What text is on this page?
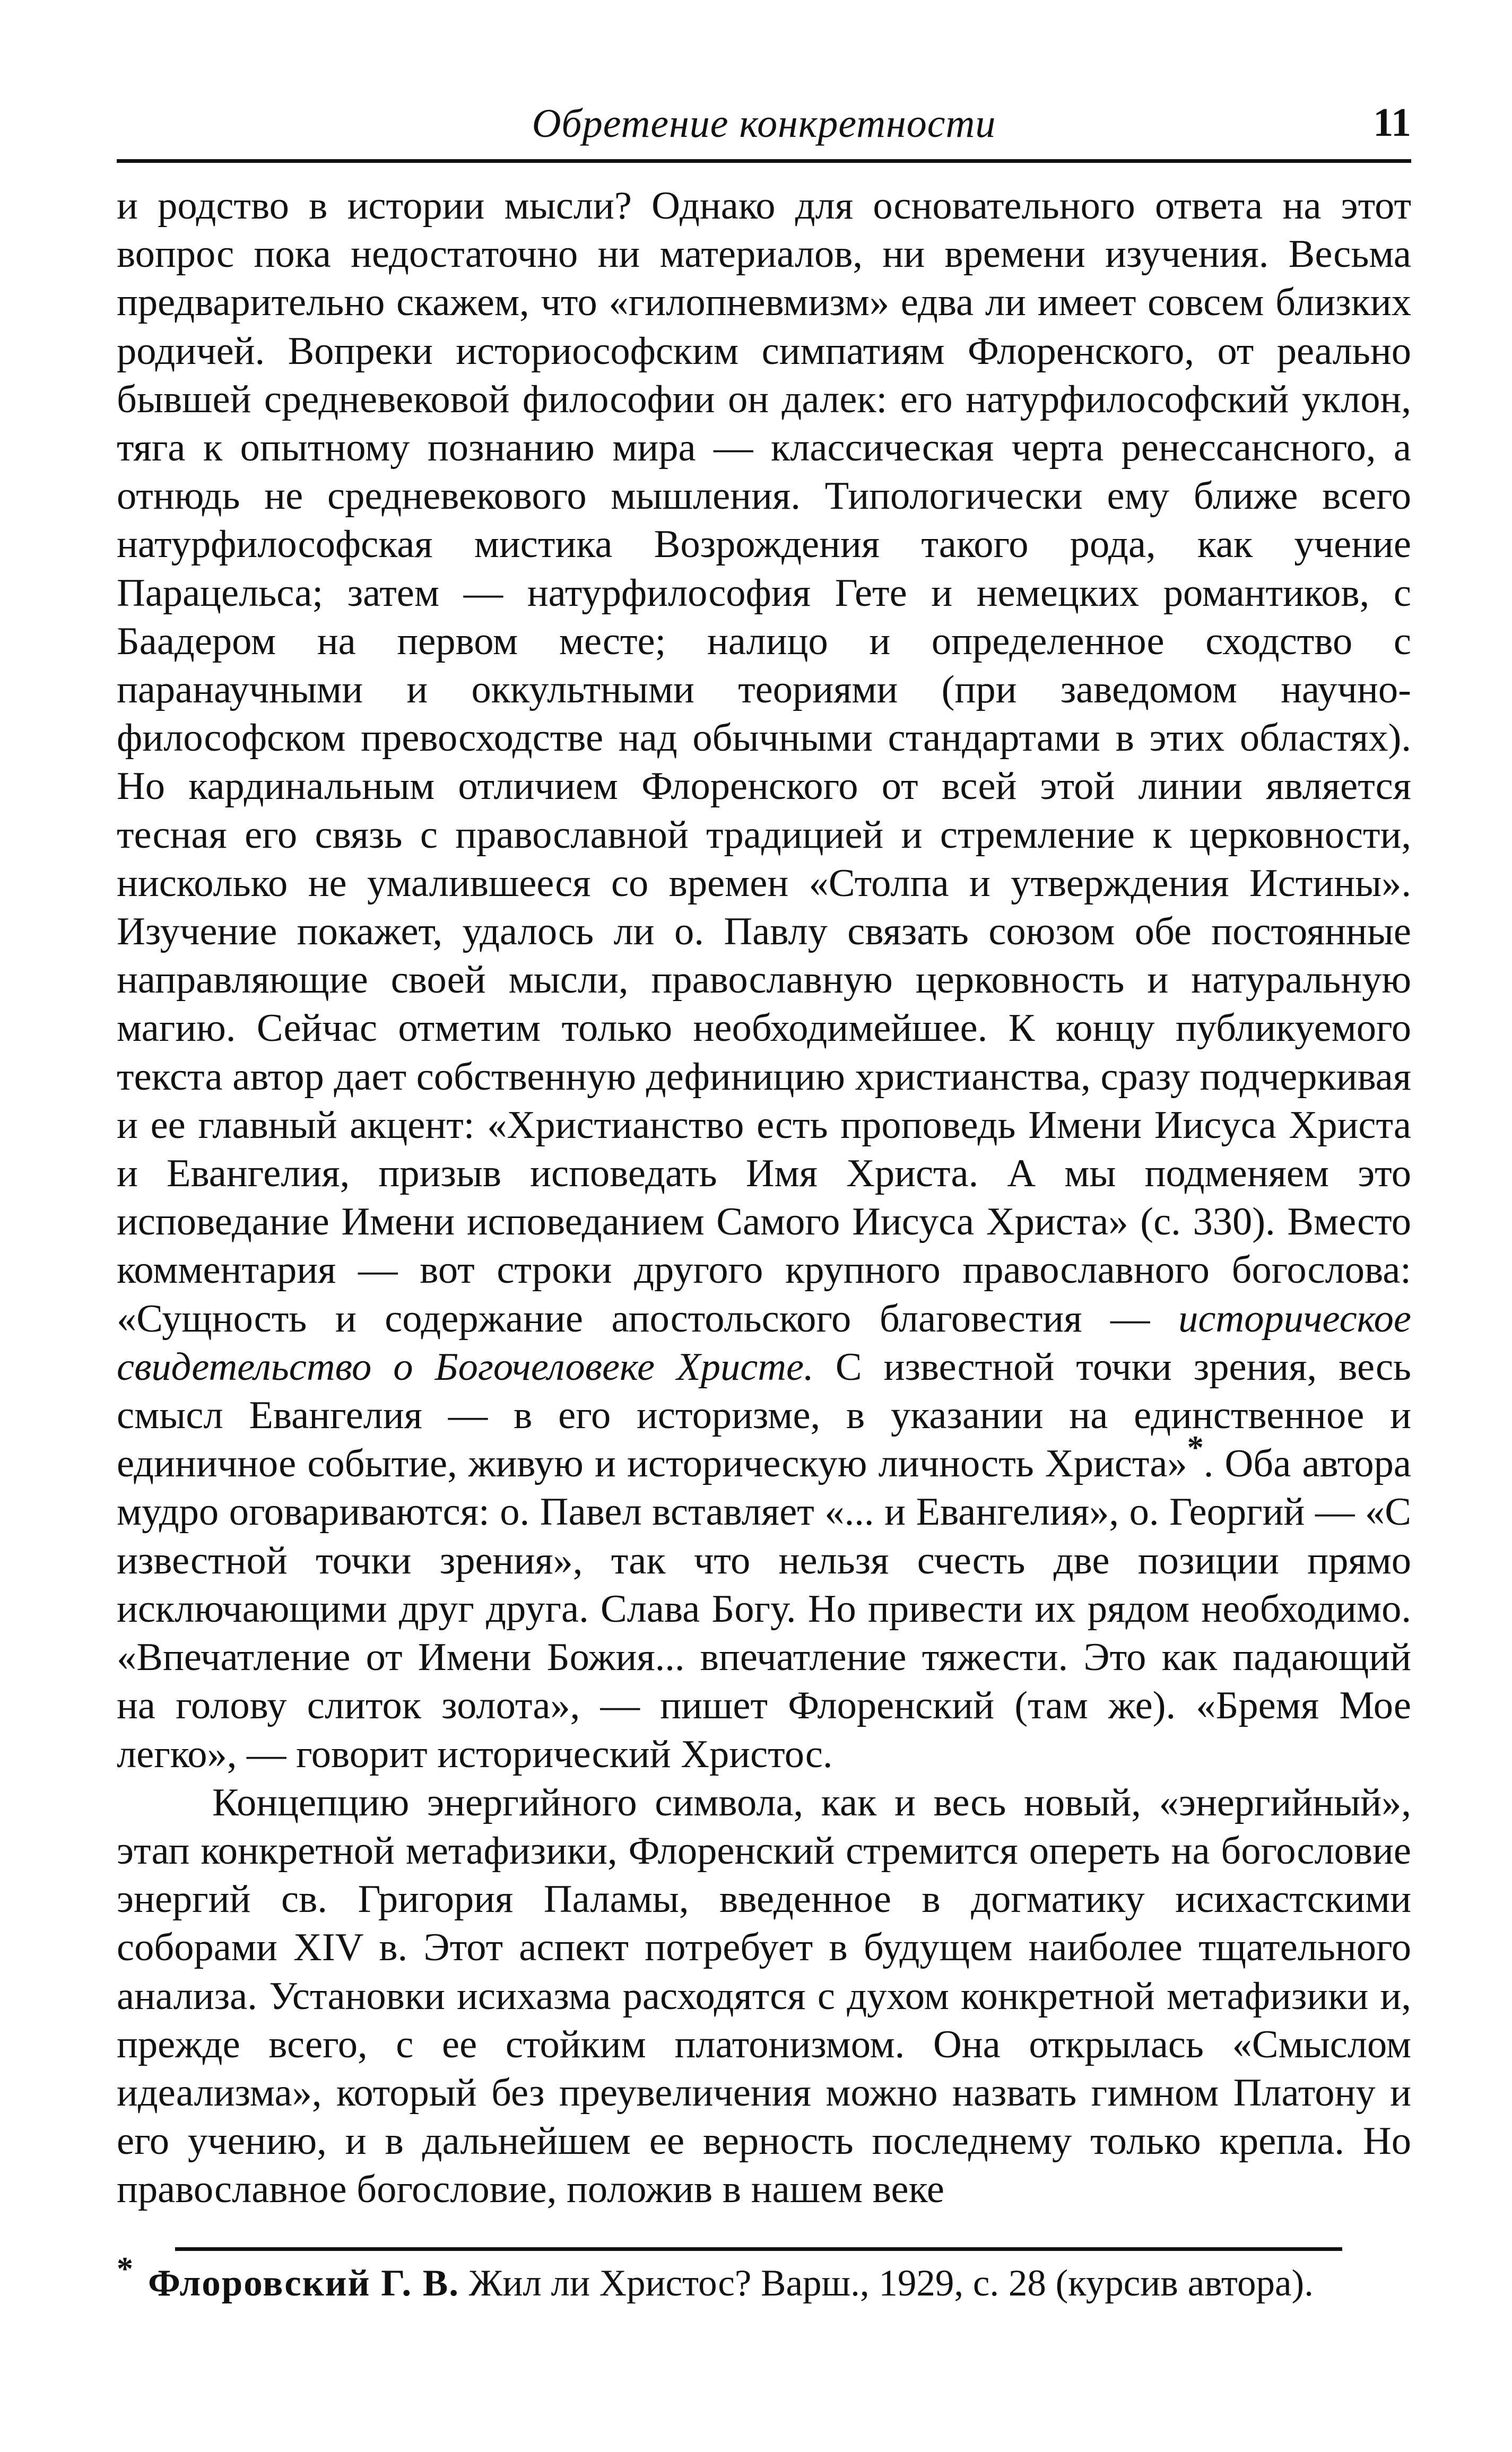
Обретение конкретности	11

и родство в истории мысли? Однако для основательного ответа на этот вопрос пока недостаточно ни материалов, ни времени изучения. Весьма предварительно скажем, что «гилопневмизм» едва ли имеет совсем близких родичей. Вопреки историософским симпатиям Флоренского, от реально бывшей средневековой философии он далек: его натурфилософский уклон, тяга к опытному познанию мира — классическая черта ренессансного, а отнюдь не средневекового мышления. Типологически ему ближе всего натурфилософская мистика Возрождения такого рода, как учение Парацельса; затем — натурфилософия Гете и немецких романтиков, с Баадером на первом месте; налицо и определенное сходство с паранаучными и оккультными теориями (при заведомом научно-философском превосходстве над обычными стандартами в этих областях). Но кардинальным отличием Флоренского от всей этой линии является тесная его связь с православной традицией и стремление к церковности, нисколько не умалившееся со времен «Столпа и утверждения Истины». Изучение покажет, удалось ли о. Павлу связать союзом обе постоянные направляющие своей мысли, православную церковность и натуральную магию. Сейчас отметим только необходимейшее. К концу публикуемого текста автор дает собственную дефиницию христианства, сразу подчеркивая и ее главный акцент: «Христианство есть проповедь Имени Иисуса Христа и Евангелия, призыв исповедать Имя Христа. А мы подменяем это исповедание Имени исповеданием Самого Иисуса Христа» (с. 330). Вместо комментария — вот строки другого крупного православного богослова: «Сущность и содержание апостольского благовестия — историческое свидетельство о Богочеловеке Христе. С известной точки зрения, весь смысл Евангелия — в его историзме, в указании на единственное и единичное событие, живую и историческую личность Христа»*. Оба автора мудро оговариваются: о. Павел вставляет «... и Евангелия», о. Георгий — «С известной точки зрения», так что нельзя счесть две позиции прямо исключающими друг друга. Слава Богу. Но привести их рядом необходимо. «Впечатление от Имени Божия... впечатление тяжести. Это как падающий на голову слиток золота», — пишет Флоренский (там же). «Бремя Мое легко», — говорит исторический Христос.

Концепцию энергийного символа, как и весь новый, «энергийный», этап конкретной метафизики, Флоренский стремится опереть на богословие энергий св. Григория Паламы, введенное в догматику исихастскими соборами XIV в. Этот аспект потребует в будущем наиболее тщательного анализа. Установки исихазма расходятся с духом конкретной метафизики и, прежде всего, с ее стойким платонизмом. Она открылась «Смыслом идеализма», который без преувеличения можно назвать гимном Платону и его учению, и в дальнейшем ее верность последнему только крепла. Но православное богословие, положив в нашем веке

* Флоровский Г. В. Жил ли Христос? Варш., 1929, с. 28 (курсив автора).
